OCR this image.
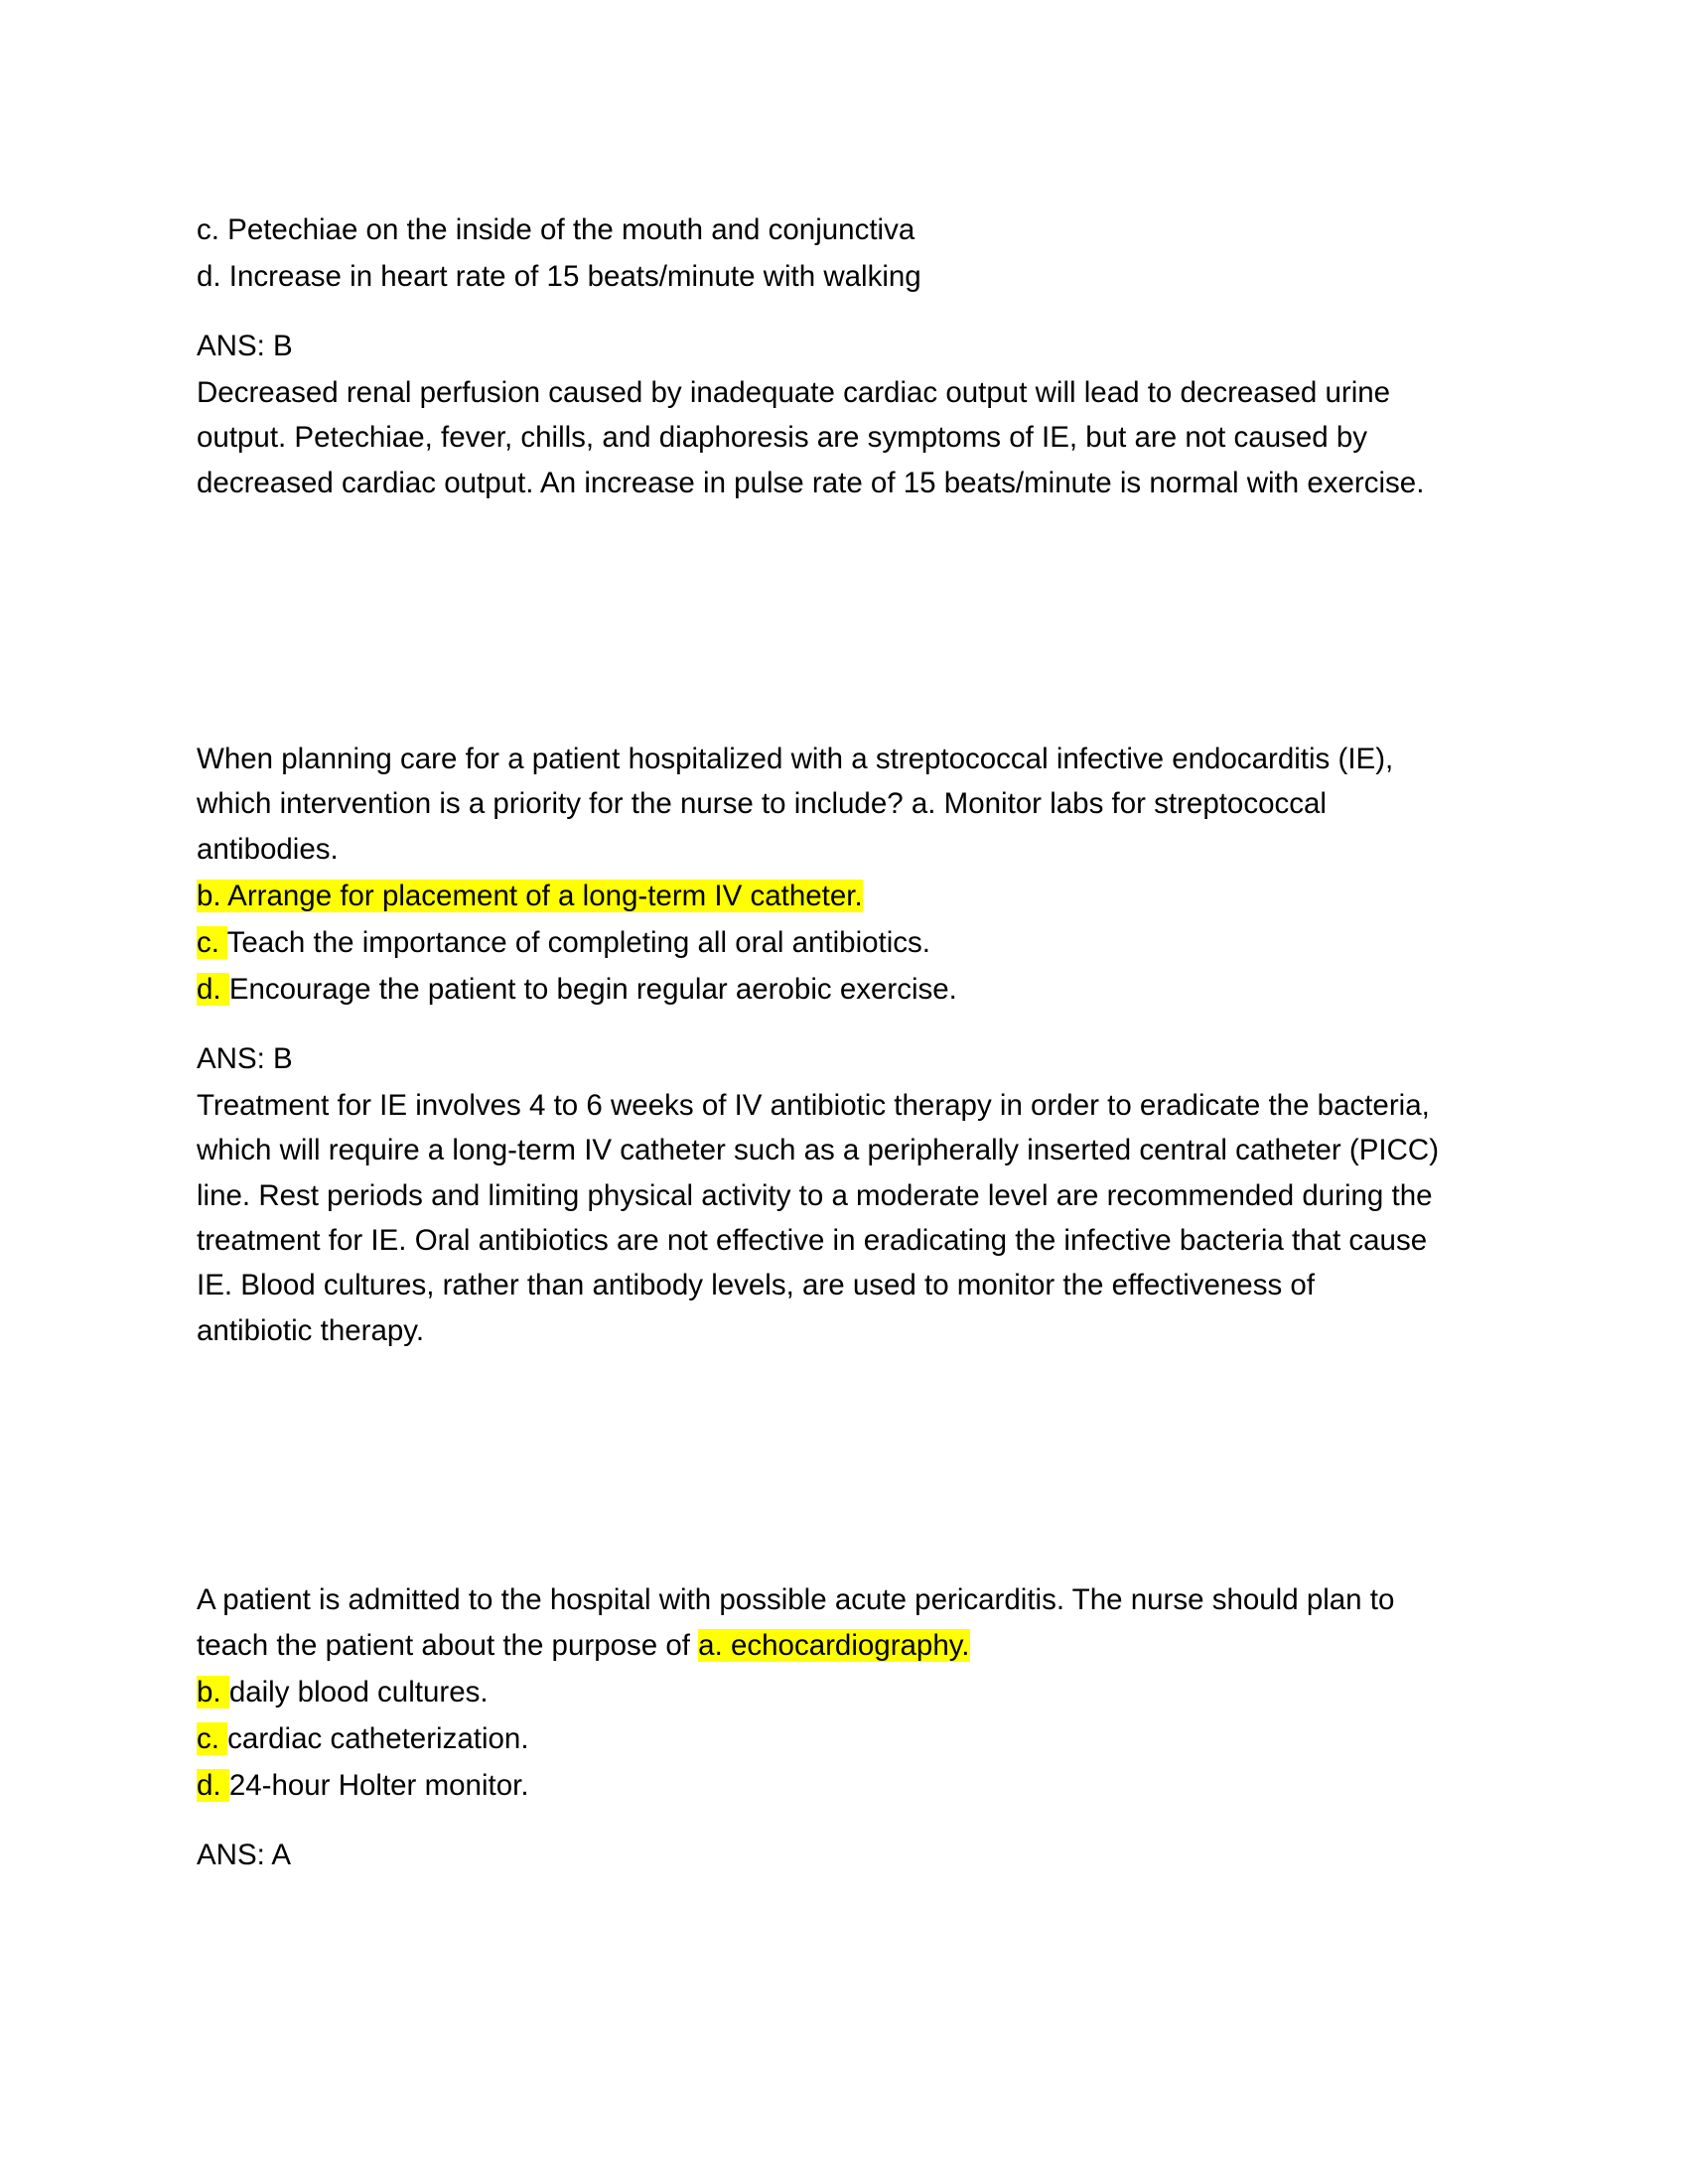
c. Petechiae on the inside of the mouth and conjunctiva
d. Increase in heart rate of 15 beats/minute with walking
ANS: B
Decreased renal perfusion caused by inadequate cardiac output will lead to decreased urine
output. Petechiae, fever, chills, and diaphoresis are symptoms of IE, but are not caused by
decreased cardiac output. An increase in pulse rate of 15 beats/minute is normal with exercise.
When planning care for a patient hospitalized with a streptococcal infective endocarditis (IE),
which intervention is a priority for the nurse to include? a. Monitor labs for streptococcal
antibodies.
b. Arrange for placement of a long-term IV catheter.
c. Teach the importance of completing all oral antibiotics.
d. Encourage the patient to begin regular aerobic exercise.
ANS: B
Treatment for IE involves 4 to 6 weeks of IV antibiotic therapy in order to eradicate the bacteria,
which will require a long-term IV catheter such as a peripherally inserted central catheter (PICC)
line. Rest periods and limiting physical activity to a moderate level are recommended during the
treatment for IE. Oral antibiotics are not effective in eradicating the infective bacteria that cause
IE. Blood cultures, rather than antibody levels, are used to monitor the effectiveness of
antibiotic therapy.
A patient is admitted to the hospital with possible acute pericarditis. The nurse should plan to
teach the patient about the purpose of a. echocardiography.
b. daily blood cultures.
c. cardiac catheterization.
d. 24-hour Holter monitor.
ANS: A
